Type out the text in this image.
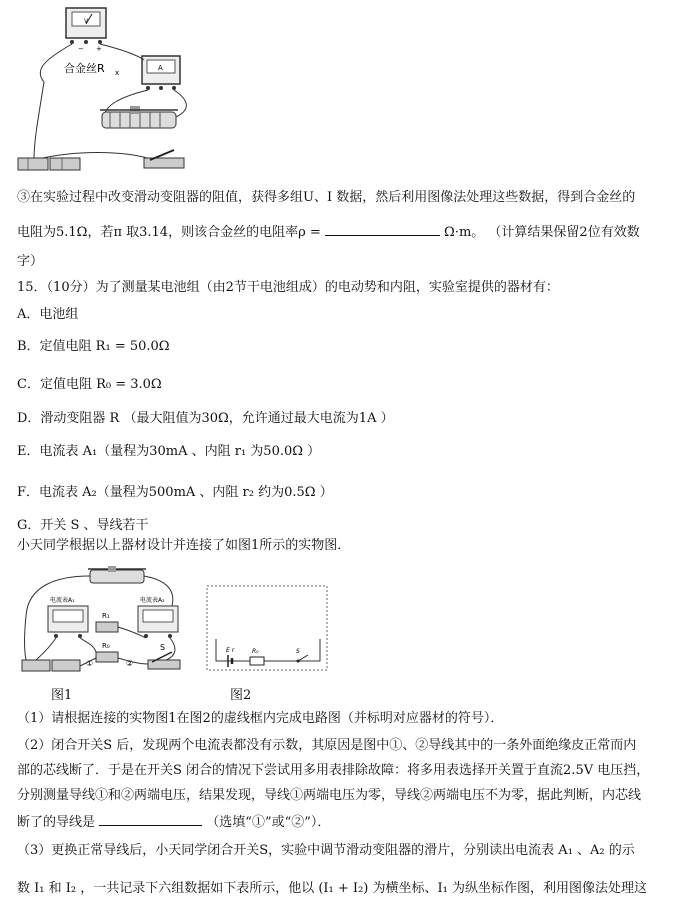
− +
V
A
合金丝R x
③在实验过程中改变滑动变阻器的阻值，获得多组U、I 数据，然后利用图像法处理这些数据，得到合金丝的
电阻为5.1Ω，若π 取3.14，则该合金丝的电阻率ρ =	Ω·m。 （计算结果保留2位有效数
字）
15．（10分）为了测量某电池组（由2节干电池组成）的电动势和内阻，实验室提供的器材有：
A．电池组
B．定值电阻 R₁ = 50.0Ω
C．定值电阻 R₀ = 3.0Ω
D．滑动变阻器 R （最大阻值为30Ω，允许通过最大电流为1A ）
E．电流表 A₁（量程为30mA 、内阻 r₁ 为50.0Ω ）
F．电流表 A₂（量程为500mA 、内阻 r₂ 约为0.5Ω ）
G．开关 S 、导线若干
小天同学根据以上器材设计并连接了如图1所示的实物图．
电流表A₁	电流表A₂
R₁
R₀	S
①	②
E r	R₀	S
图1	图2
（1）请根据连接的实物图1在图2的虚线框内完成电路图（并标明对应器材的符号）．
（2）闭合开关S 后，发现两个电流表都没有示数，其原因是图中①、②导线其中的一条外面绝缘皮正常而内
部的芯线断了．于是在开关S 闭合的情况下尝试用多用表排除故障：将多用表选择开关置于直流2.5V 电压挡，
分别测量导线①和②两端电压，结果发现，导线①两端电压为零，导线②两端电压不为零，据此判断，内芯线
断了的导线是	（选填“①”或“②”）．
（3）更换正常导线后，小天同学闭合开关S，实验中调节滑动变阻器的滑片，分别读出电流表 A₁ 、A₂ 的示
数 I₁ 和 I₂ ，一共记录下六组数据如下表所示，他以 (I₁ + I₂) 为横坐标、I₁ 为纵坐标作图，利用图像法处理这
